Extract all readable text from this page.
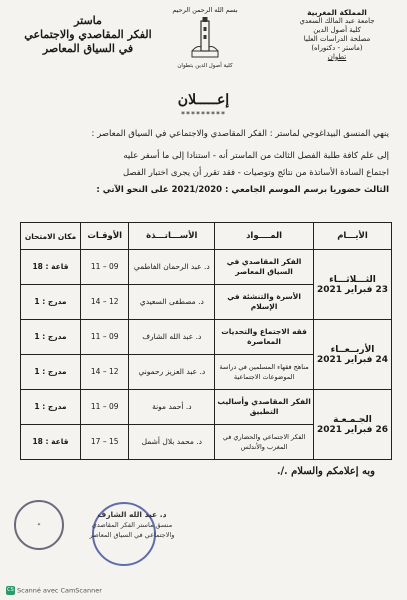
المملكة المغربية
جامعة عبد المالك السعدي
كلية أصول الدين
مصلحة الدراسات العليا
(ماستر - دكتوراه)
تطوان
بسم الله الرحمن الرحيم
كلية أصول الدين بتطوان
ماستر
الفكر المقاصدي والاجتماعي
في السياق المعاصر
إعـــــلان
*********
ينهي المنسق البيداغوجي لماستر : الفكر المقاصدي والاجتماعي في السياق المعاصر :
إلى علم كافة طلبة الفصل الثالث من الماستر أنه - استنادا إلى ما أسفر عليه
اجتماع السادة الأساتذة من نتائج وتوصيات - فقد تقرر أن يجرى اختبار الفصل
الثالث حضوريا برسم الموسم الجامعي : 2021/2020 على النحو الآتي :
الأيـــام	المــــواد	الأســـاتـــذة	الأوقـات	مكان الامتحان

الثـــلاثـــاء
23 فبراير 2021	الفكر المقاصدي في السياق المعاصر	د. عبد الرحمان الفاطمي	09 – 11	قاعة : 18
	الأسرة والتنشئة في الإسلام	د. مصطفى السعيدي	12 – 14	مدرج : 1

الأربــعــاء
24 فبراير 2021	فقه الاجتماع والتحديات المعاصرة	د. عبد الله الشارف	09 – 11	مدرج : 1
	مناهج فقهاء المسلمين في دراسة الموضوعات الاجتماعية	د. عبد العزيز رحموني	12 – 14	مدرج : 1

الجـمـعـة
26 فبراير 2021	الفكر المقاصدي وأساليب التطبيق	د. أحمد مونة	09 – 11	مدرج : 1
	الفكر الاجتماعي والحضاري في المغرب والأندلس	د. محمد بلال أشمل	15 – 17	قاعة : 18
وبه إعلامكم والسلام ./.
✦
د. عبد الله الشارف
منسق ماستر الفكر المقاصدي
والاجتماعي في السياق المعاصر
CS Scanné avec CamScanner
